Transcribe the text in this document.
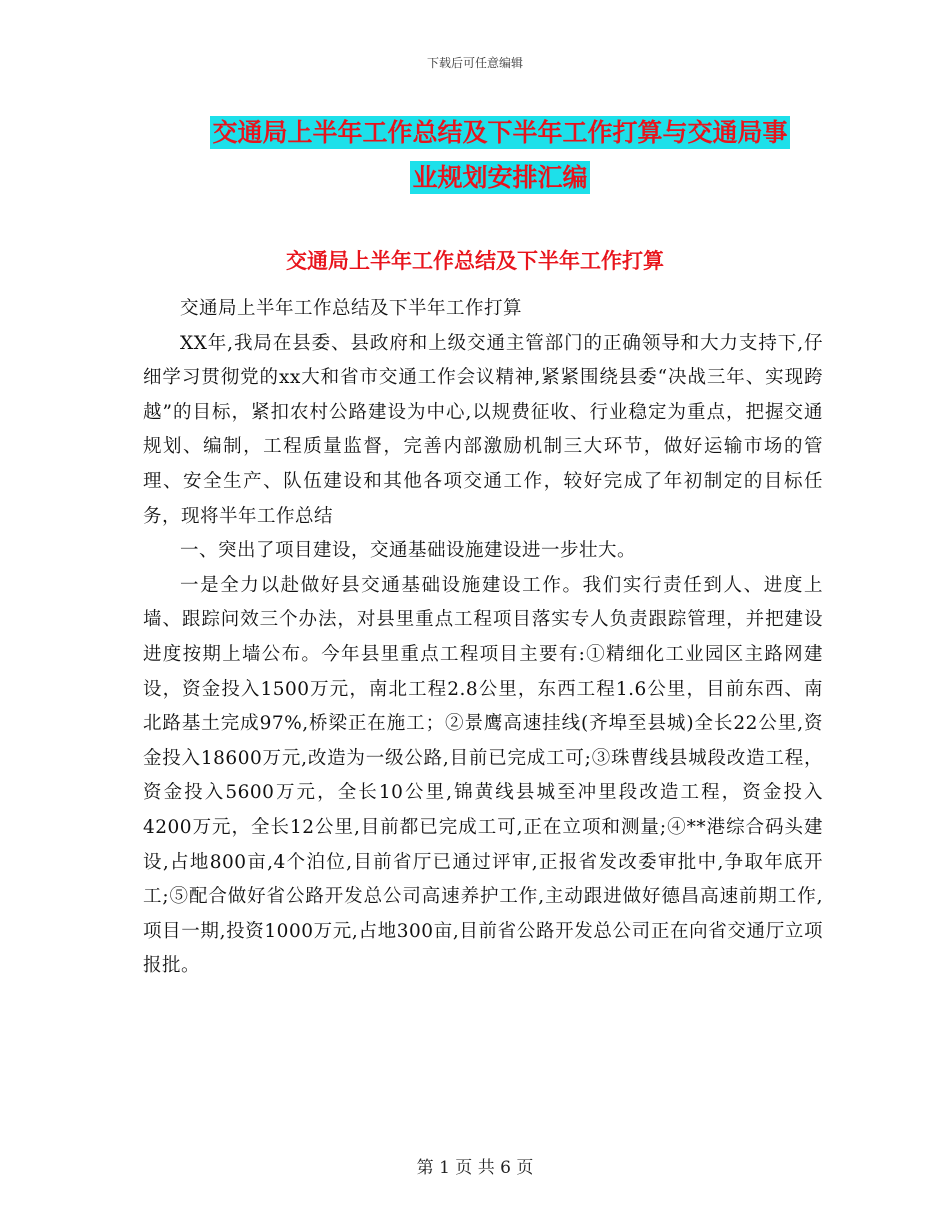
下载后可任意编辑
交通局上半年工作总结及下半年工作打算与交通局事
业规划安排汇编
交通局上半年工作总结及下半年工作打算

交通局上半年工作总结及下半年工作打算

XX年,我局在县委、县政府和上级交通主管部门的正确领导和大力支持下,仔细学习贯彻党的xx大和省市交通工作会议精神,紧紧围绕县委“决战三年、实现跨越”的目标，紧扣农村公路建设为中心,以规费征收、行业稳定为重点，把握交通规划、编制，工程质量监督，完善内部激励机制三大环节，做好运输市场的管理、安全生产、队伍建设和其他各项交通工作，较好完成了年初制定的目标任务，现将半年工作总结

一、突出了项目建设，交通基础设施建设进一步壮大。

一是全力以赴做好县交通基础设施建设工作。我们实行责任到人、进度上墙、跟踪问效三个办法，对县里重点工程项目落实专人负责跟踪管理，并把建设进度按期上墙公布。今年县里重点工程项目主要有:①精细化工业园区主路网建设，资金投入1500万元，南北工程2.8公里，东西工程1.6公里，目前东西、南北路基土完成97%,桥梁正在施工；②景鹰高速挂线(齐埠至县城)全长22公里,资金投入18600万元,改造为一级公路,目前已完成工可;③珠曹线县城段改造工程，资金投入5600万元，全长10公里,锦黄线县城至冲里段改造工程，资金投入4200万元，全长12公里,目前都已完成工可,正在立项和测量;④**港综合码头建设,占地800亩,4个泊位,目前省厅已通过评审,正报省发改委审批中,争取年底开工;⑤配合做好省公路开发总公司高速养护工作,主动跟进做好德昌高速前期工作,项目一期,投资1000万元,占地300亩,目前省公路开发总公司正在向省交通厅立项报批。

第 1 页 共 6 页
